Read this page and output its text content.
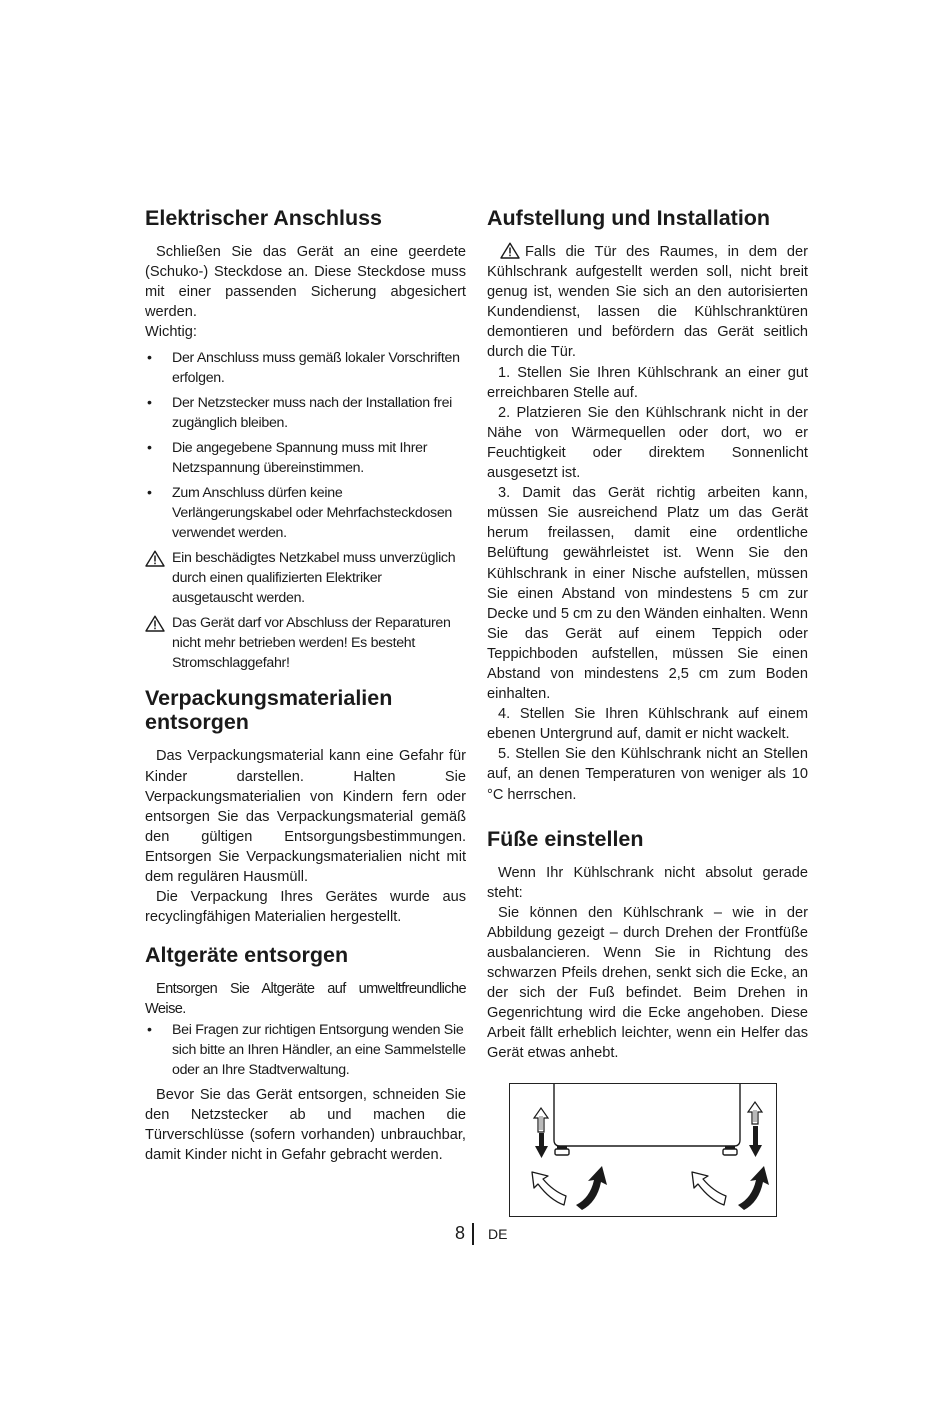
Elektrischer Anschluss

Schließen Sie das Gerät an eine geerdete (Schuko-) Steckdose an. Diese Steckdose muss mit einer passenden Sicherung abgesichert werden.

Wichtig:

• Der Anschluss muss gemäß lokaler Vorschriften erfolgen.
• Der Netzstecker muss nach der Installation frei zugänglich bleiben.
• Die angegebene Spannung muss mit Ihrer Netzspannung übereinstimmen.
• Zum Anschluss dürfen keine Verlängerungskabel oder Mehrfachsteckdosen verwendet werden.
Ein beschädigtes Netzkabel muss unverzüglich durch einen qualifizierten Elektriker ausgetauscht werden.
Das Gerät darf vor Abschluss der Reparaturen nicht mehr betrieben werden! Es besteht Stromschlaggefahr!
Verpackungsmaterialien entsorgen

Das Verpackungsmaterial kann eine Gefahr für Kinder darstellen. Halten Sie Verpackungsmaterialien von Kindern fern oder entsorgen Sie das Verpackungsmaterial gemäß den gültigen Entsorgungsbestimmungen. Entsorgen Sie Verpackungsmaterialien nicht mit dem regulären Hausmüll.

Die Verpackung Ihres Gerätes wurde aus recyclingfähigen Materialien hergestellt.

Altgeräte entsorgen

Entsorgen Sie Altgeräte auf umweltfreundliche Weise.

• Bei Fragen zur richtigen Entsorgung wenden Sie sich bitte an Ihren Händler, an eine Sammelstelle oder an Ihre Stadtverwaltung.

Bevor Sie das Gerät entsorgen, schneiden Sie den Netzstecker ab und machen die Türverschlüsse (sofern vorhanden) unbrauchbar, damit Kinder nicht in Gefahr gebracht werden.

Aufstellung und Installation

Falls die Tür des Raumes, in dem der Kühlschrank aufgestellt werden soll, nicht breit genug ist, wenden Sie sich an den autorisierten Kundendienst, lassen die Kühlschranktüren demontieren und befördern das Gerät seitlich durch die Tür.

1. Stellen Sie Ihren Kühlschrank an einer gut erreichbaren Stelle auf.

2. Platzieren Sie den Kühlschrank nicht in der Nähe von Wärmequellen oder dort, wo er Feuchtigkeit oder direktem Sonnenlicht ausgesetzt ist.

3. Damit das Gerät richtig arbeiten kann, müssen Sie ausreichend Platz um das Gerät herum freilassen, damit eine ordentliche Belüftung gewährleistet ist. Wenn Sie den Kühlschrank in einer Nische aufstellen, müssen Sie einen Abstand von mindestens 5 cm zur Decke und 5 cm zu den Wänden einhalten. Wenn Sie das Gerät auf einem Teppich oder Teppichboden aufstellen, müssen Sie einen Abstand von mindestens 2,5 cm zum Boden einhalten.

4. Stellen Sie Ihren Kühlschrank auf einem ebenen Untergrund auf, damit er nicht wackelt.

5. Stellen Sie den Kühlschrank nicht an Stellen auf, an denen Temperaturen von weniger als 10 °C herrschen.

Füße einstellen

Wenn Ihr Kühlschrank nicht absolut gerade steht:

Sie können den Kühlschrank – wie in der Abbildung gezeigt – durch Drehen der Frontfüße ausbalancieren. Wenn Sie in Richtung des schwarzen Pfeils drehen, senkt sich die Ecke, an der sich der Fuß befindet. Beim Drehen in Gegenrichtung wird die Ecke angehoben. Diese Arbeit fällt erheblich leichter, wenn ein Helfer das Gerät etwas anhebt.

8 DE
